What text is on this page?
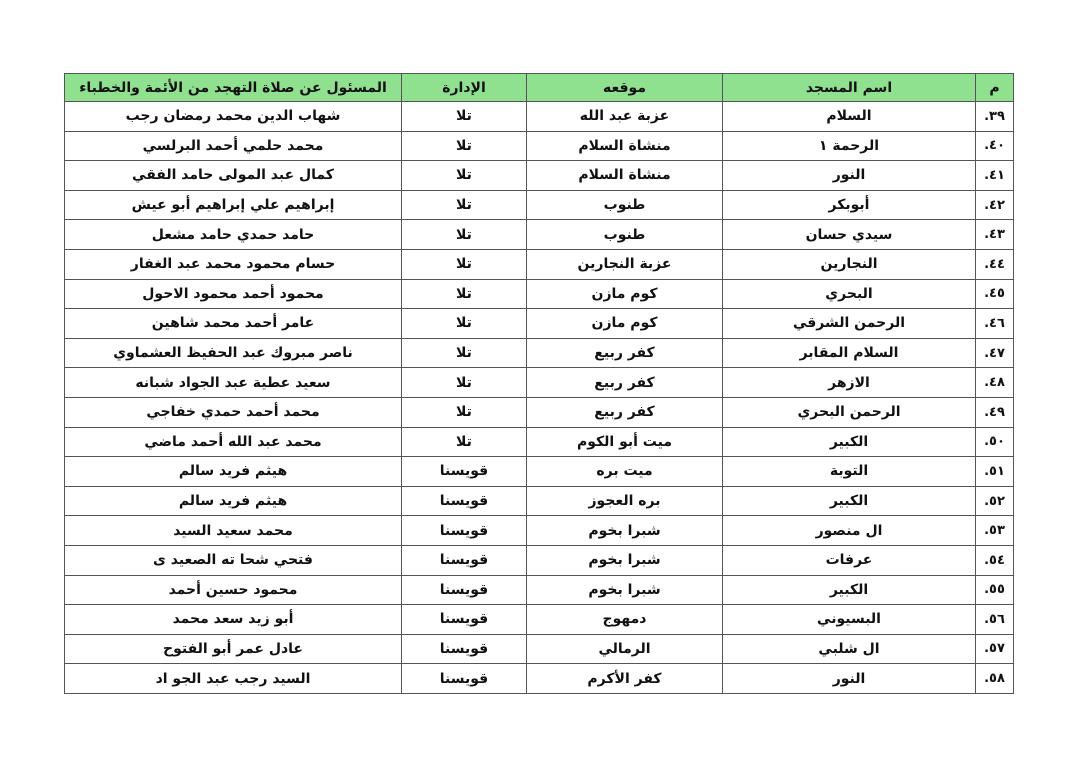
م	اسم المسجد	موقعه	الإدارة	المسئول عن صلاة التهجد من الأئمة والخطباء
٣٩.	السلام	عزبة عبد الله	تلا	شهاب الدين محمد رمضان رجب
٤٠.	الرحمة ١	منشاة السلام	تلا	محمد حلمي أحمد البرلسي
٤١.	النور	منشاة السلام	تلا	كمال عبد المولى حامد الفقي
٤٢.	أبوبكر	طنوب	تلا	إبراهيم علي إبراهيم أبو عيش
٤٣.	سيدي حسان	طنوب	تلا	حامد حمدي حامد مشعل
٤٤.	النجارين	عزبة النجارين	تلا	حسام محمود محمد عبد الغفار
٤٥.	البحري	كوم مازن	تلا	محمود أحمد محمود الاحول
٤٦.	الرحمن الشرقي	كوم مازن	تلا	عامر أحمد محمد شاهين
٤٧.	السلام المقابر	كفر ربيع	تلا	ناصر مبروك عبد الحفيظ العشماوي
٤٨.	الازهر	كفر ربيع	تلا	سعيد عطية عبد الجواد شبانه
٤٩.	الرحمن البحري	كفر ربيع	تلا	محمد أحمد حمدي خفاجي
٥٠.	الكبير	ميت أبو الكوم	تلا	محمد عبد الله أحمد ماضي
٥١.	التوبة	ميت بره	قويسنا	هيثم فريد سالم
٥٢.	الكبير	بره العجوز	قويسنا	هيثم فريد سالم
٥٣.	ال منصور	شبرا بخوم	قويسنا	محمد سعيد السيد
٥٤.	عرفات	شبرا بخوم	قويسنا	فتحي شحا ته الصعيد ى
٥٥.	الكبير	شبرا بخوم	قويسنا	محمود حسين أحمد
٥٦.	البسيوني	دمهوج	قويسنا	أبو زيد سعد محمد
٥٧.	ال شلبي	الرمالي	قويسنا	عادل عمر أبو الفتوح
٥٨.	النور	كفر الأكرم	قويسنا	السيد رجب عبد الجو اد
